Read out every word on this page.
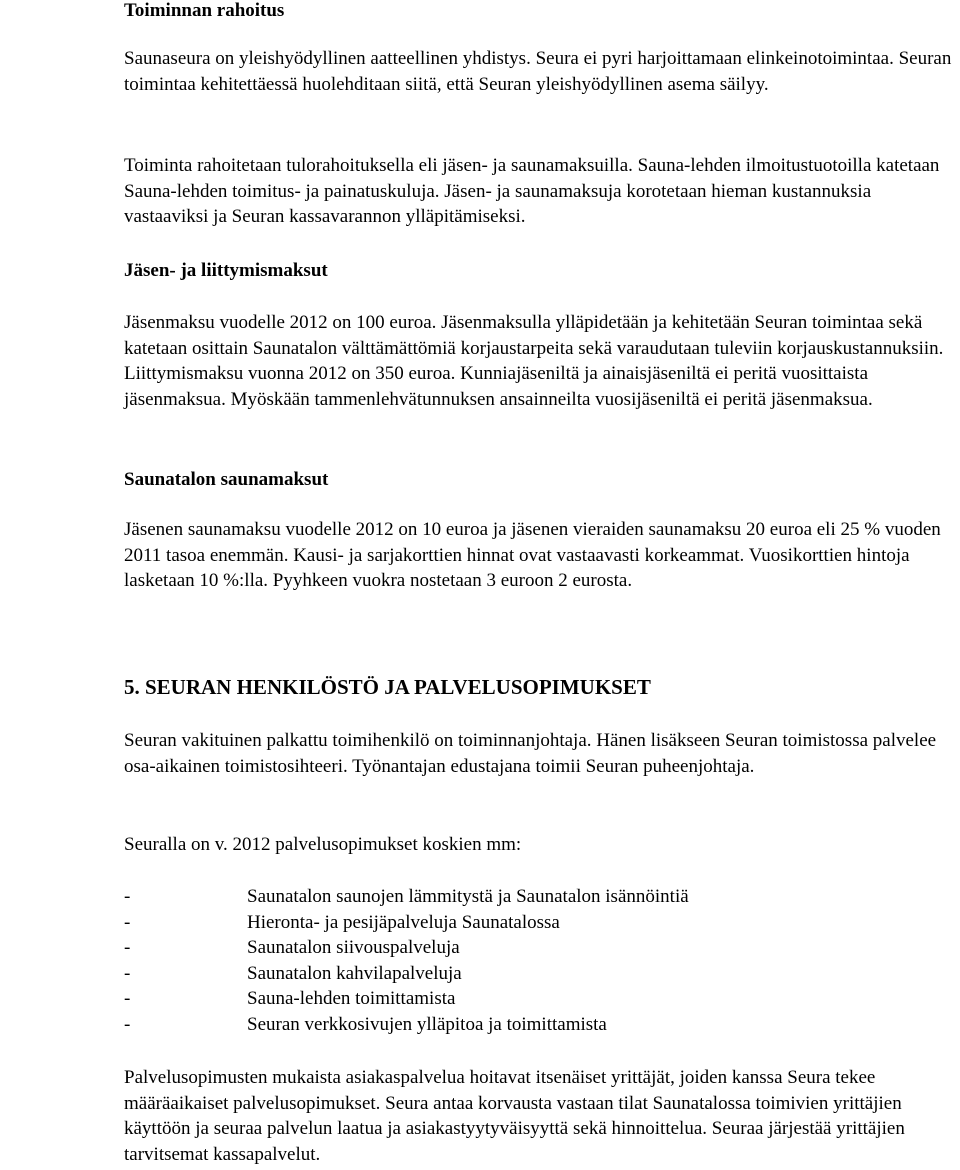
Toiminnan rahoitus

Saunaseura on yleishyödyllinen aatteellinen yhdistys. Seura ei pyri harjoittamaan elinkeinotoimintaa. Seuran toimintaa kehitettäessä huolehditaan siitä, että Seuran yleishyödyllinen asema säilyy.

Toiminta rahoitetaan tulorahoituksella eli jäsen- ja saunamaksuilla. Sauna-lehden ilmoitustuotoilla katetaan Sauna-lehden toimitus- ja painatuskuluja. Jäsen- ja saunamaksuja korotetaan hieman kustannuksia vastaaviksi ja Seuran kassavarannon ylläpitämiseksi.

Jäsen- ja liittymismaksut

Jäsenmaksu vuodelle 2012 on 100 euroa. Jäsenmaksulla ylläpidetään ja kehitetään Seuran toimintaa sekä katetaan osittain Saunatalon välttämättömiä korjaustarpeita sekä varaudutaan tuleviin korjauskustannuksiin. Liittymismaksu vuonna 2012 on 350 euroa. Kunniajäseniltä ja ainaisjäseniltä ei peritä vuosittaista jäsenmaksua. Myöskään tammenlehvätunnuksen ansainneilta vuosijäseniltä ei peritä jäsenmaksua.

Saunatalon saunamaksut

Jäsenen saunamaksu vuodelle 2012 on 10 euroa ja jäsenen vieraiden saunamaksu 20 euroa eli 25 % vuoden 2011 tasoa enemmän. Kausi- ja sarjakorttien hinnat ovat vastaavasti korkeammat. Vuosikorttien hintoja lasketaan 10 %:lla. Pyyhkeen vuokra nostetaan 3 euroon 2 eurosta.

5. SEURAN HENKILÖSTÖ JA PALVELUSOPIMUKSET

Seuran vakituinen palkattu toimihenkilö on toiminnanjohtaja. Hänen lisäkseen Seuran toimistossa palvelee osa-aikainen toimistosihteeri. Työnantajan edustajana toimii Seuran puheenjohtaja.

Seuralla on v. 2012 palvelusopimukset koskien mm:

-	Saunatalon saunojen lämmitystä ja Saunatalon isännöintiä
-	Hieronta- ja pesijäpalveluja Saunatalossa
-	Saunatalon siivouspalveluja
-	Saunatalon kahvilapalveluja
-	Sauna-lehden toimittamista
-	Seuran verkkosivujen ylläpitoa ja toimittamista

Palvelusopimusten mukaista asiakaspalvelua hoitavat itsenäiset yrittäjät, joiden kanssa Seura tekee määräaikaiset palvelusopimukset. Seura antaa korvausta vastaan tilat Saunatalossa toimivien yrittäjien käyttöön ja seuraa palvelun laatua ja asiakastyytyväisyyttä sekä hinnoittelua. Seuraa järjestää yrittäjien tarvitsemat kassapalvelut.
